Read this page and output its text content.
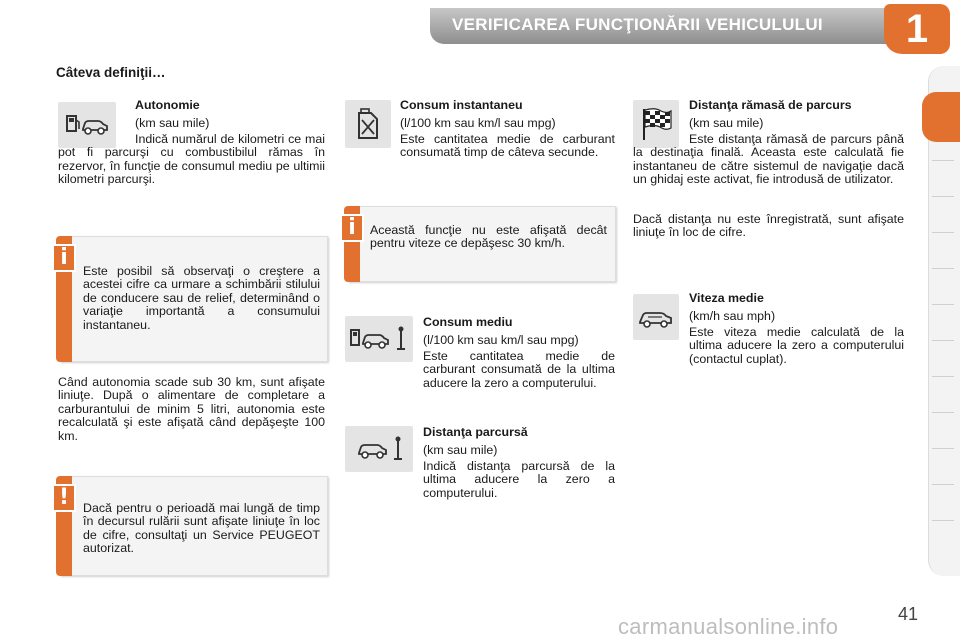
VERIFICAREA FUNCŢIONĂRII VEHICULULUI	1
Câteva definiţii…
Autonomie
(km sau mile)
Indică numărul de kilometri ce mai pot fi parcurşi cu combustibilul rămas în rezervor, în funcţie de consumul mediu pe ultimii kilometri parcurşi.
i
Este posibil să observaţi o creştere a acestei cifre ca urmare a schimbării stilului de conducere sau de relief, determinând o variaţie importantă a consumului instantaneu.
Când autonomia scade sub 30 km, sunt afişate liniuţe. După o alimentare de completare a carburantului de minim 5 litri, autonomia este recalculată şi este afişată când depăşeşte 100 km.
!	Dacă pentru o perioadă mai lungă de timp în decursul rulării sunt afişate liniuţe în loc de cifre, consultaţi un Service PEUGEOT autorizat.
Consum instantaneu
(l/100 km sau km/l sau mpg)
Este cantitatea medie de carburant consumată timp de câteva secunde.
i	Această funcţie nu este afişată decât pentru viteze ce depăşesc 30 km/h.
Consum mediu
(l/100 km sau km/l sau mpg)
Este cantitatea medie de carburant consumată de la ultima aducere la zero a computerului.
Distanţa parcursă
(km sau mile)
Indică distanţa parcursă de la ultima aducere la zero a computerului.
Distanţa rămasă de parcurs
(km sau mile)
Este distanţa rămasă de parcurs până la destinaţia finală. Aceasta este calculată fie instantaneu de către sistemul de navigaţie dacă un ghidaj este activat, fie introdusă de utilizator.
Dacă distanţa nu este înregistrată, sunt afişate liniuţe în loc de cifre.
Viteza medie
(km/h sau mph)
Este viteza medie calculată de la ultima aducere la zero a computerului (contactul cuplat).
carmanualsonline.info	41
